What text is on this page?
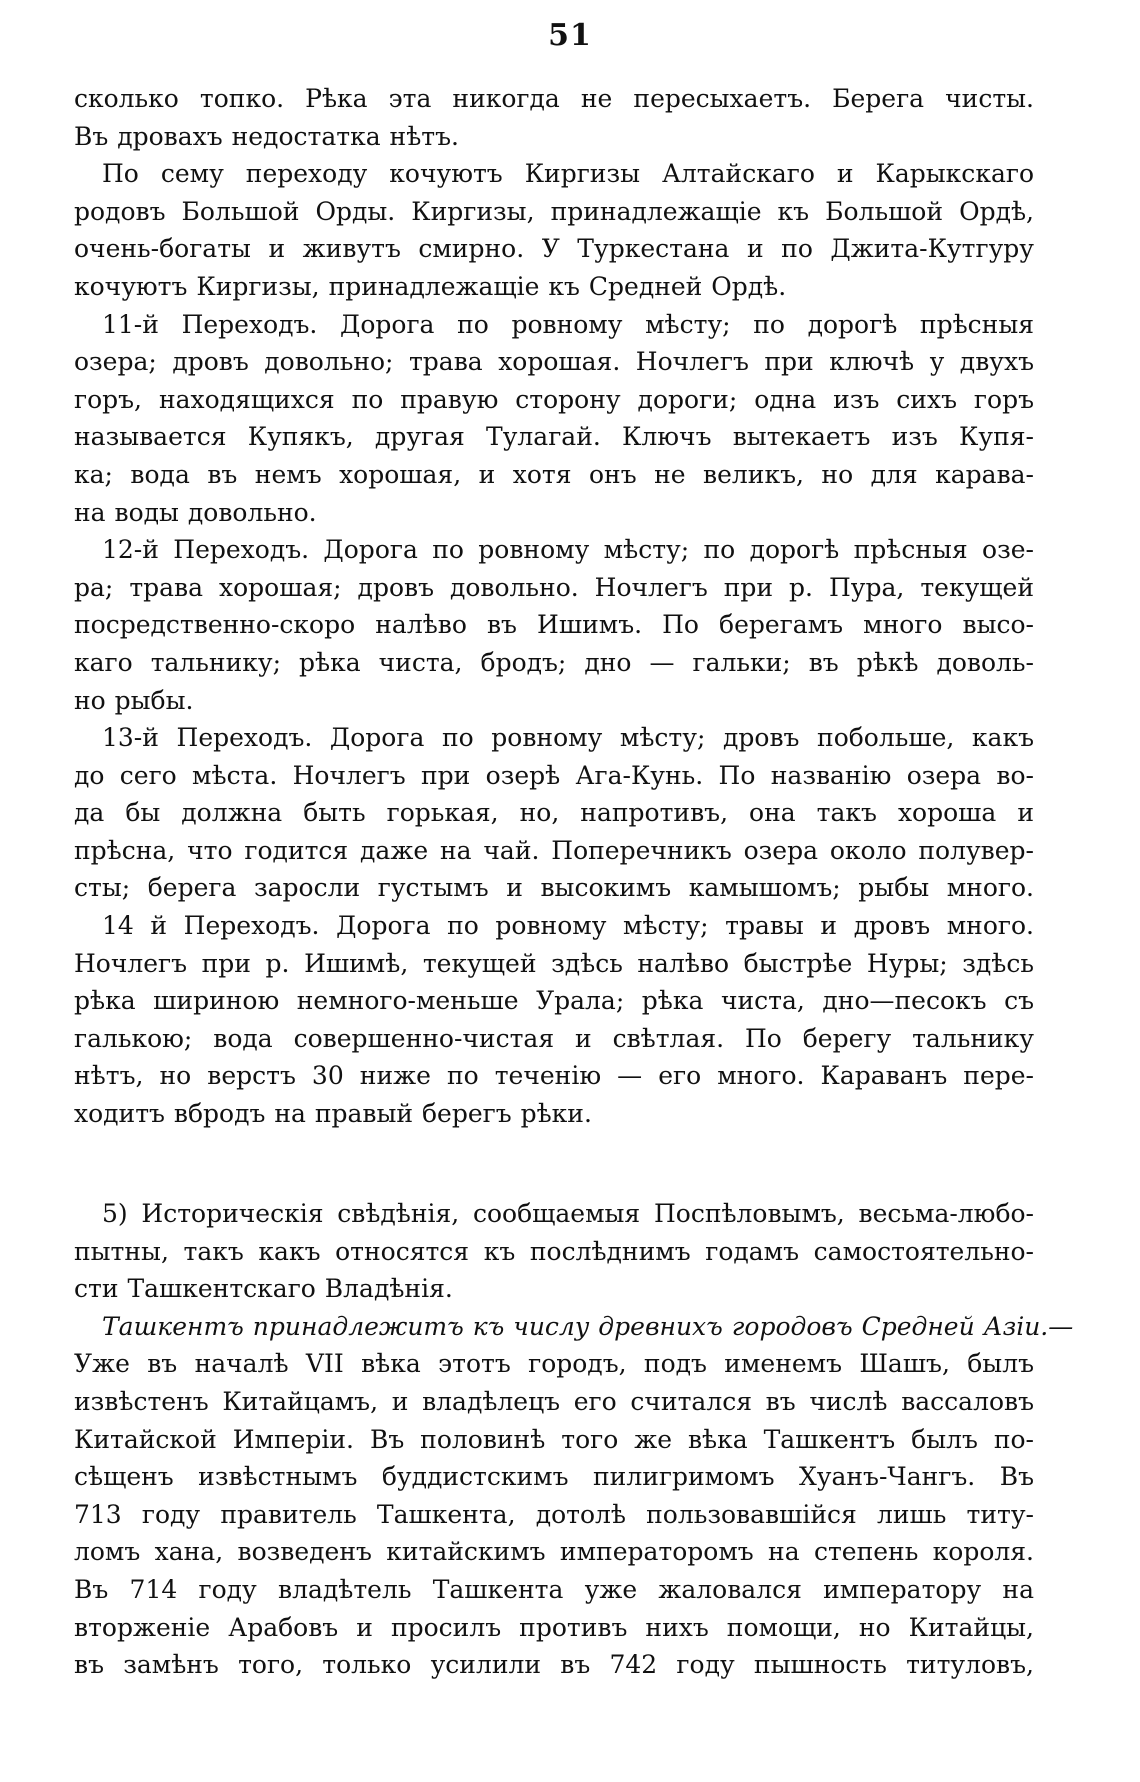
51
сколько топко. Рѣка эта никогда не пересыхаетъ. Берега чисты.
Въ дровахъ недостатка нѣтъ.
По сему переходу кочуютъ Киргизы Алтайскаго и Карыкскаго
родовъ Большой Орды. Киргизы, принадлежащіе къ Большой Ордѣ,
очень-богаты и живутъ смирно. У Туркестана и по Джита-Кутгуру
кочуютъ Киргизы, принадлежащіе къ Средней Ордѣ.
11-й Переходъ. Дорога по ровному мѣсту; по дорогѣ прѣсныя
озера; дровъ довольно; трава хорошая. Ночлегъ при ключѣ у двухъ
горъ, находящихся по правую сторону дороги; одна изъ сихъ горъ
называется Купякъ, другая Тулагай. Ключъ вытекаетъ изъ Купя-
ка; вода въ немъ хорошая, и хотя онъ не великъ, но для карава-
на воды довольно.
12-й Переходъ. Дорога по ровному мѣсту; по дорогѣ прѣсныя озе-
ра; трава хорошая; дровъ довольно. Ночлегъ при р. Пура, текущей
посредственно-скоро налѣво въ Ишимъ. По берегамъ много высо-
каго тальнику; рѣка чиста, бродъ; дно — гальки; въ рѣкѣ доволь-
но рыбы.
13-й Переходъ. Дорога по ровному мѣсту; дровъ побольше, какъ
до сего мѣста. Ночлегъ при озерѣ Ага-Кунь. По названію озера во-
да бы должна быть горькая, но, напротивъ, она такъ хороша и
прѣсна, что годится даже на чай. Поперечникъ озера около полувер-
сты; берега заросли густымъ и высокимъ камышомъ; рыбы много.
14 й Переходъ. Дорога по ровному мѣсту; травы и дровъ много.
Ночлегъ при р. Ишимѣ, текущей здѣсь налѣво быстрѣе Нуры; здѣсь
рѣка шириною немного-меньше Урала; рѣка чиста, дно—песокъ съ
галькою; вода совершенно-чистая и свѣтлая. По берегу тальнику
нѣтъ, но верстъ 30 ниже по теченію — его много. Караванъ пере-
ходитъ вбродъ на правый берегъ рѣки.
5) Историческія свѣдѣнія, сообщаемыя Поспѣловымъ, весьма-любо-
пытны, такъ какъ относятся къ послѣднимъ годамъ самостоятельно-
сти Ташкентскаго Владѣнія.
Ташкентъ принадлежитъ къ числу древнихъ городовъ Средней Азіи.—
Уже въ началѣ VII вѣка этотъ городъ, подъ именемъ Шашъ, былъ
извѣстенъ Китайцамъ, и владѣлецъ его считался въ числѣ вассаловъ
Китайской Имперіи. Въ половинѣ того же вѣка Ташкентъ былъ по-
сѣщенъ извѣстнымъ буддистскимъ пилигримомъ Хуанъ-Чангъ. Въ
713 году правитель Ташкента, дотолѣ пользовавшійся лишь титу-
ломъ хана, возведенъ китайскимъ императоромъ на степень короля.
Въ 714 году владѣтель Ташкента уже жаловался императору на
вторженіе Арабовъ и просилъ противъ нихъ помощи, но Китайцы,
въ замѣнъ того, только усилили въ 742 году пышность титуловъ,
